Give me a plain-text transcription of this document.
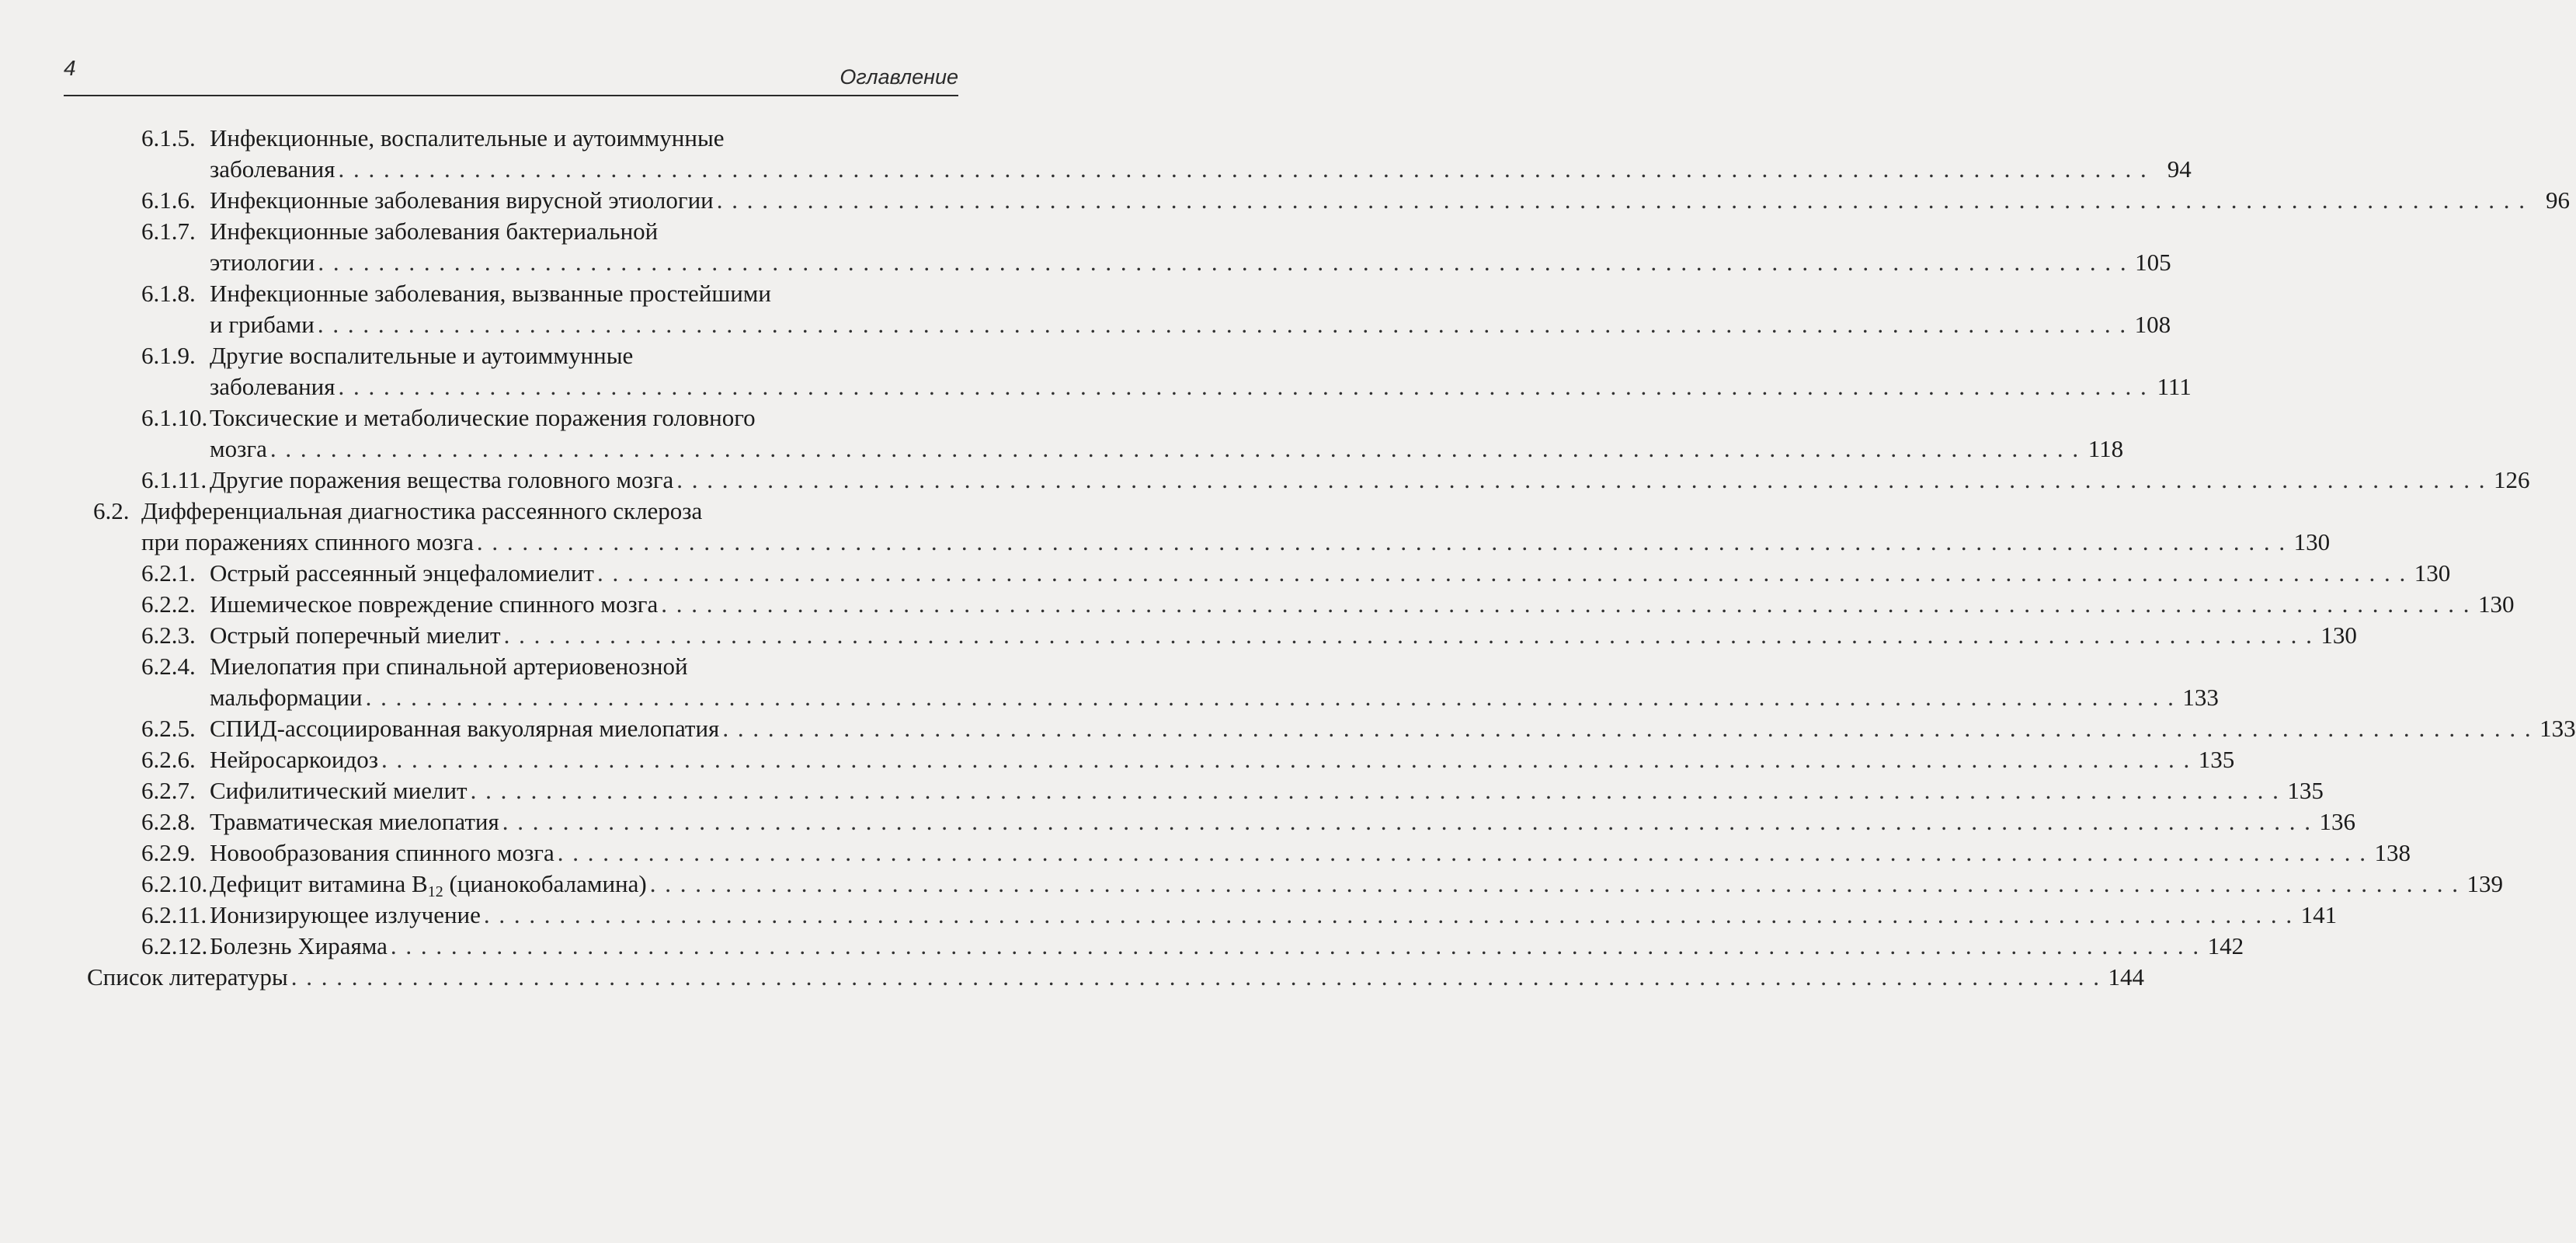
4	Оглавление
6.1.5. Инфекционные, воспалительные и аутоиммунные
заболевания . . . . . . . . . . . . . . . . . . . . . . . . . . . . . . . . . . . . . . . . . . . . . . . . . . . . . . . . . . . . . . . . . . . . . . . . . . . . . . . . . . . . . . . . . . . . . . . . . . . . . . . . . . . . . . . . . . . . . . . . 94
6.1.6. Инфекционные заболевания вирусной этиологии . . . . . . . . . . . . . . . . . . . . . . . . . . . . . . . . . . . . . . . . . . . . . . . . . . . . . . . . . . . . . . . . . . . . . . . . . . . . . . . . . . . . . . . . . . . . . . . . . . . . . . . . . . . . . . . . . . . . . . . . 96
6.1.7. Инфекционные заболевания бактериальной
этиологии . . . . . . . . . . . . . . . . . . . . . . . . . . . . . . . . . . . . . . . . . . . . . . . . . . . . . . . . . . . . . . . . . . . . . . . . . . . . . . . . . . . . . . . . . . . . . . . . . . . . . . . . . . . . . . . . . . . . . . . . 105
6.1.8. Инфекционные заболевания, вызванные простейшими
и грибами . . . . . . . . . . . . . . . . . . . . . . . . . . . . . . . . . . . . . . . . . . . . . . . . . . . . . . . . . . . . . . . . . . . . . . . . . . . . . . . . . . . . . . . . . . . . . . . . . . . . . . . . . . . . . . . . . . . . . . . . 108
6.1.9. Другие воспалительные и аутоиммунные
заболевания . . . . . . . . . . . . . . . . . . . . . . . . . . . . . . . . . . . . . . . . . . . . . . . . . . . . . . . . . . . . . . . . . . . . . . . . . . . . . . . . . . . . . . . . . . . . . . . . . . . . . . . . . . . . . . . . . . . . . . . . 111
6.1.10. Токсические и метаболические поражения головного
мозга . . . . . . . . . . . . . . . . . . . . . . . . . . . . . . . . . . . . . . . . . . . . . . . . . . . . . . . . . . . . . . . . . . . . . . . . . . . . . . . . . . . . . . . . . . . . . . . . . . . . . . . . . . . . . . . . . . . . . . . . 118
6.1.11. Другие поражения вещества головного мозга . . . . . . . . . . . . . . . . . . . . . . . . . . . . . . . . . . . . . . . . . . . . . . . . . . . . . . . . . . . . . . . . . . . . . . . . . . . . . . . . . . . . . . . . . . . . . . . . . . . . . . . . . . . . . . . . . . . . . . . . 126
6.2. Дифференциальная диагностика рассеянного склероза
при поражениях спинного мозга . . . . . . . . . . . . . . . . . . . . . . . . . . . . . . . . . . . . . . . . . . . . . . . . . . . . . . . . . . . . . . . . . . . . . . . . . . . . . . . . . . . . . . . . . . . . . . . . . . . . . . . . . . . . . . . . . . . . . . . . 130
6.2.1. Острый рассеянный энцефаломиелит . . . . . . . . . . . . . . . . . . . . . . . . . . . . . . . . . . . . . . . . . . . . . . . . . . . . . . . . . . . . . . . . . . . . . . . . . . . . . . . . . . . . . . . . . . . . . . . . . . . . . . . . . . . . . . . . . . . . . . . . 130
6.2.2. Ишемическое повреждение спинного мозга . . . . . . . . . . . . . . . . . . . . . . . . . . . . . . . . . . . . . . . . . . . . . . . . . . . . . . . . . . . . . . . . . . . . . . . . . . . . . . . . . . . . . . . . . . . . . . . . . . . . . . . . . . . . . . . . . . . . . . . . 130
6.2.3. Острый поперечный миелит . . . . . . . . . . . . . . . . . . . . . . . . . . . . . . . . . . . . . . . . . . . . . . . . . . . . . . . . . . . . . . . . . . . . . . . . . . . . . . . . . . . . . . . . . . . . . . . . . . . . . . . . . . . . . . . . . . . . . . . . 130
6.2.4. Миелопатия при спинальной артериовенозной
мальформации . . . . . . . . . . . . . . . . . . . . . . . . . . . . . . . . . . . . . . . . . . . . . . . . . . . . . . . . . . . . . . . . . . . . . . . . . . . . . . . . . . . . . . . . . . . . . . . . . . . . . . . . . . . . . . . . . . . . . . . . 133
6.2.5. СПИД-ассоциированная вакуолярная миелопатия . . . . . . . . . . . . . . . . . . . . . . . . . . . . . . . . . . . . . . . . . . . . . . . . . . . . . . . . . . . . . . . . . . . . . . . . . . . . . . . . . . . . . . . . . . . . . . . . . . . . . . . . . . . . . . . . . . . . . . . . 133
6.2.6. Нейросаркоидоз . . . . . . . . . . . . . . . . . . . . . . . . . . . . . . . . . . . . . . . . . . . . . . . . . . . . . . . . . . . . . . . . . . . . . . . . . . . . . . . . . . . . . . . . . . . . . . . . . . . . . . . . . . . . . . . . . . . . . . . . 135
6.2.7. Сифилитический миелит . . . . . . . . . . . . . . . . . . . . . . . . . . . . . . . . . . . . . . . . . . . . . . . . . . . . . . . . . . . . . . . . . . . . . . . . . . . . . . . . . . . . . . . . . . . . . . . . . . . . . . . . . . . . . . . . . . . . . . . . 135
6.2.8. Травматическая миелопатия . . . . . . . . . . . . . . . . . . . . . . . . . . . . . . . . . . . . . . . . . . . . . . . . . . . . . . . . . . . . . . . . . . . . . . . . . . . . . . . . . . . . . . . . . . . . . . . . . . . . . . . . . . . . . . . . . . . . . . . . 136
6.2.9. Новообразования спинного мозга . . . . . . . . . . . . . . . . . . . . . . . . . . . . . . . . . . . . . . . . . . . . . . . . . . . . . . . . . . . . . . . . . . . . . . . . . . . . . . . . . . . . . . . . . . . . . . . . . . . . . . . . . . . . . . . . . . . . . . . . 138
6.2.10. Дефицит витамина $B_{12}$ (цианокобаламина) . . . . . . . . . . . . . . . . . . . . . . . . . . . . . . . . . . . . . . . . . . . . . . . . . . . . . . . . . . . . . . . . . . . . . . . . . . . . . . . . . . . . . . . . . . . . . . . . . . . . . . . . . . . . . . . . . . . . . . . . 139
6.2.11. Ионизирующее излучение . . . . . . . . . . . . . . . . . . . . . . . . . . . . . . . . . . . . . . . . . . . . . . . . . . . . . . . . . . . . . . . . . . . . . . . . . . . . . . . . . . . . . . . . . . . . . . . . . . . . . . . . . . . . . . . . . . . . . . . . 141
6.2.12. Болезнь Хираяма . . . . . . . . . . . . . . . . . . . . . . . . . . . . . . . . . . . . . . . . . . . . . . . . . . . . . . . . . . . . . . . . . . . . . . . . . . . . . . . . . . . . . . . . . . . . . . . . . . . . . . . . . . . . . . . . . . . . . . . . 142
Список литературы . . . . . . . . . . . . . . . . . . . . . . . . . . . . . . . . . . . . . . . . . . . . . . . . . . . . . . . . . . . . . . . . . . . . . . . . . . . . . . . . . . . . . . . . . . . . . . . . . . . . . . . . . . . . . . . . . . . . . . . . 144
